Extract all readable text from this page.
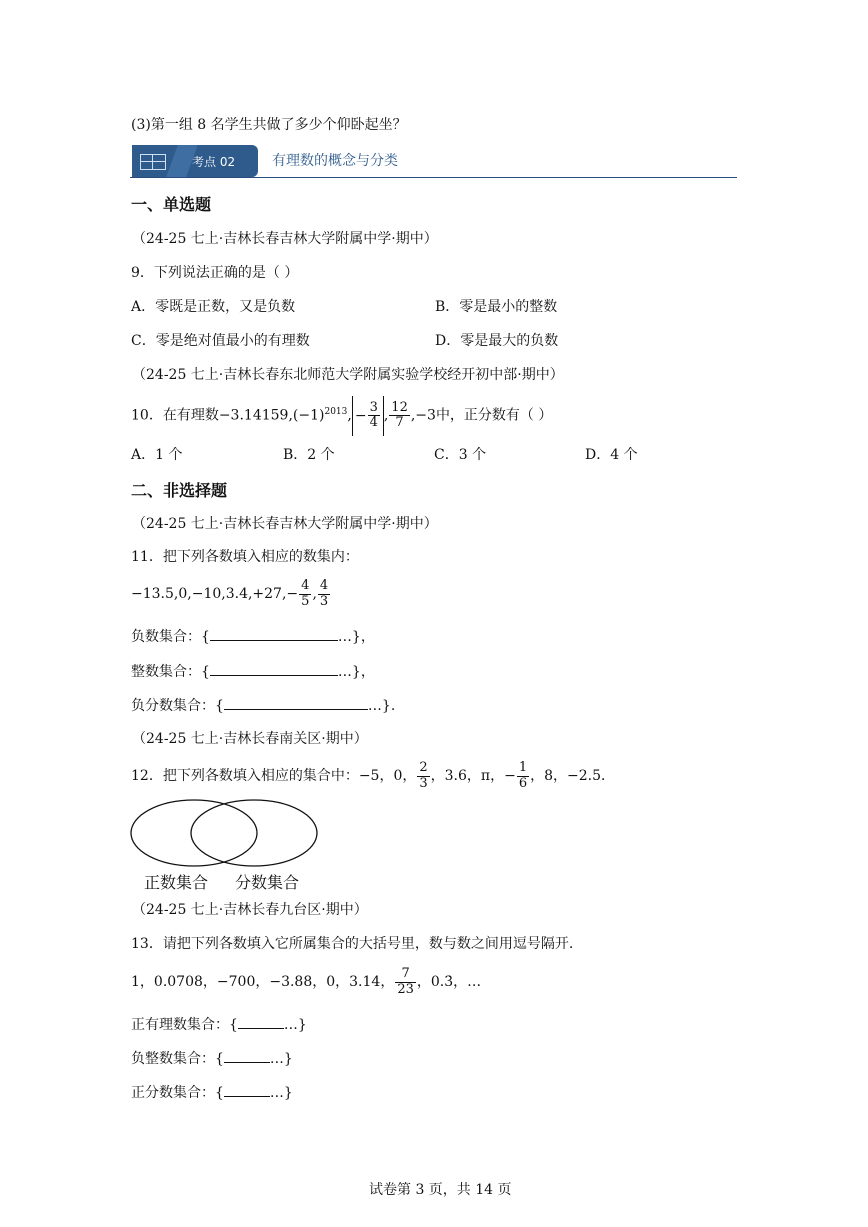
(3)第一组 8 名学生共做了多少个仰卧起坐？
考点 02	有理数的概念与分类
一、单选题
（24-25 七上·吉林长春吉林大学附属中学·期中）
9．下列说法正确的是（ ）
A．零既是正数，又是负数	B．零是最小的整数
C．零是绝对值最小的有理数	D．零是最大的负数
（24-25 七上·吉林长春东北师范大学附属实验学校经开初中部·期中）
10．在有理数$-3.14159,(-1)^{2013}$, − $\frac{3}{4}$ , $\frac{12}{7} ,-3$中，正分数有（ ）
A．1 个	B．2 个	C．3 个	D．4 个
二、非选择题
（24-25 七上·吉林长春吉林大学附属中学·期中）
11．把下列各数填入相应的数集内：
$-13.5,0,-10,3.4,+27,- \frac{4}{5}$ , $\frac{4}{3}$
负数集合：{	…}，
整数集合：{	…}，
负分数集合：{	…}.
（24-25 七上·吉林长春南关区·期中）
12．把下列各数填入相应的集合中：−5，0， $\frac{2}{3}$ ，3.6，π，− $\frac{1}{6}$ ，8，−2.5．
正数集合 分数集合
（24-25 七上·吉林长春九台区·期中）
13．请把下列各数填入它所属集合的大括号里，数与数之间用逗号隔开.
1，0.0708，−700，−3.88，0，3.14， $\frac{7}{23}$ ，0.3̇，…
正有理数集合：{	…}
负整数集合：{	…}
正分数集合：{	…}
试卷第 3 页，共 14 页
